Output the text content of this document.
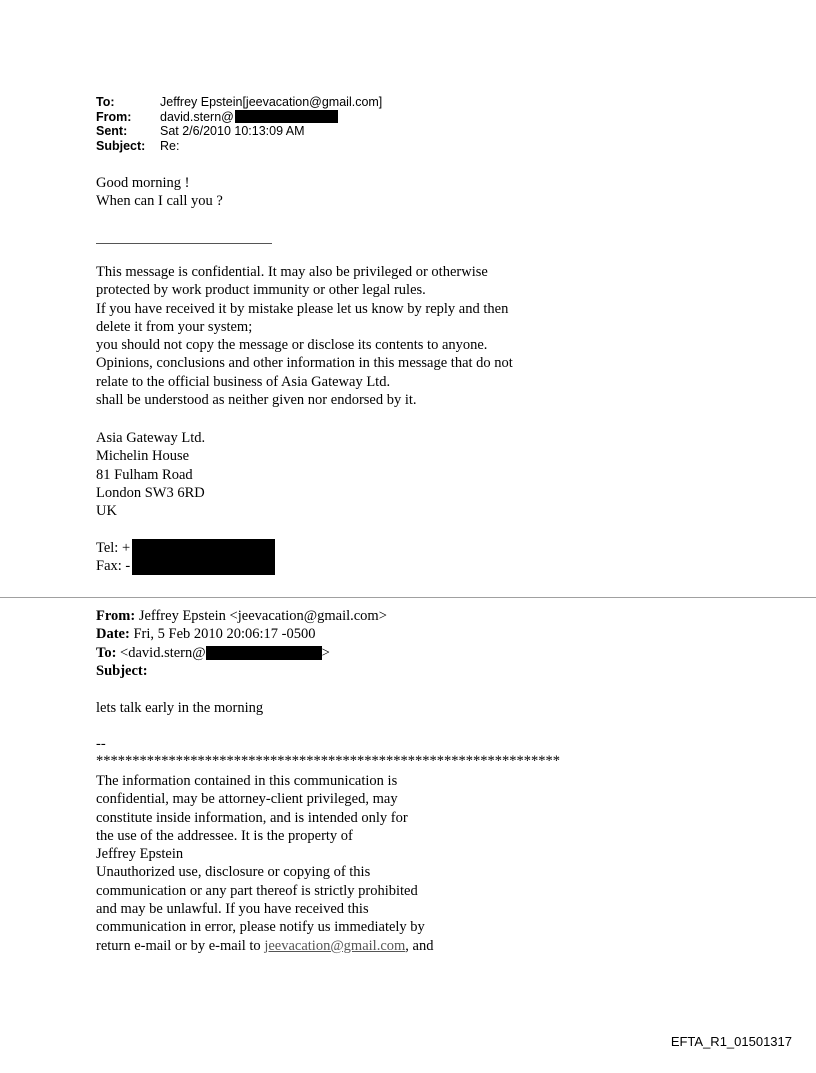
To:	Jeffrey Epstein[jeevacation@gmail.com]
From:	david.stern@
Sent:	Sat 2/6/2010 10:13:09 AM
Subject:	Re:
Good morning !
When can I call you ?
This message is confidential. It may also be privileged or otherwise
protected by work product immunity or other legal rules.
If you have received it by mistake please let us know by reply and then
delete it from your system;
you should not copy the message or disclose its contents to anyone.
Opinions, conclusions and other information in this message that do not
relate to the official business of Asia Gateway Ltd.
shall be understood as neither given nor endorsed by it.
Asia Gateway Ltd.
Michelin House
81 Fulham Road
London SW3 6RD
UK
Tel: +
Fax: -
From: Jeffrey Epstein <jeevacation@gmail.com>
Date: Fri, 5 Feb 2010 20:06:17 -0500
To: <david.stern@	>
Subject:
lets talk early in the morning
--
****************************************************************
The information contained in this communication is
confidential, may be attorney-client privileged, may
constitute inside information, and is intended only for
the use of the addressee. It is the property of
Jeffrey Epstein
Unauthorized use, disclosure or copying of this
communication or any part thereof is strictly prohibited
and may be unlawful. If you have received this
communication in error, please notify us immediately by
return e-mail or by e-mail to jeevacation@gmail.com, and
EFTA_R1_01501317
